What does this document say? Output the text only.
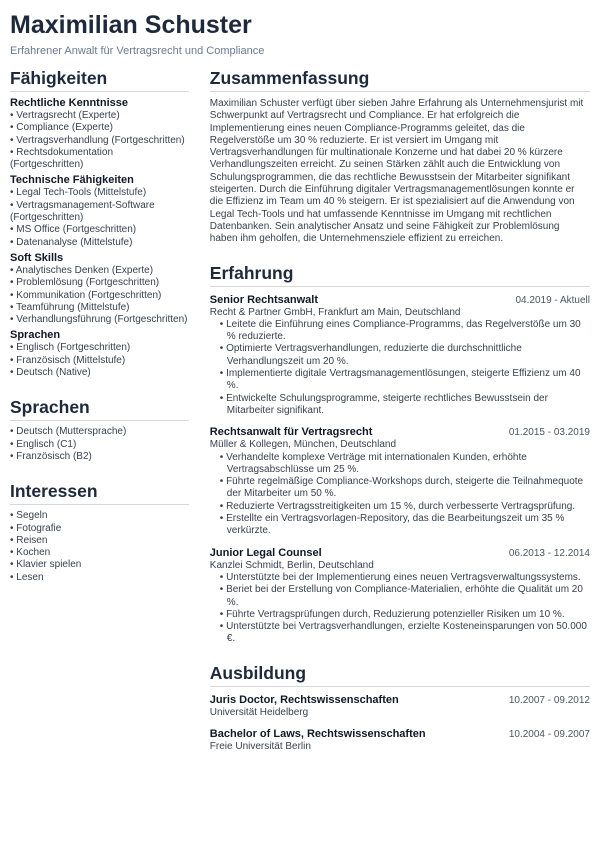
Maximilian Schuster
Erfahrener Anwalt für Vertragsrecht und Compliance
Fähigkeiten
Rechtliche Kenntnisse
• Vertragsrecht (Experte)
• Compliance (Experte)
• Vertragsverhandlung (Fortgeschritten)
• Rechtsdokumentation (Fortgeschritten)
Technische Fähigkeiten
• Legal Tech-Tools (Mittelstufe)
• Vertragsmanagement-Software (Fortgeschritten)
• MS Office (Fortgeschritten)
• Datenanalyse (Mittelstufe)
Soft Skills
• Analytisches Denken (Experte)
• Problemlösung (Fortgeschritten)
• Kommunikation (Fortgeschritten)
• Teamführung (Mittelstufe)
• Verhandlungsführung (Fortgeschritten)
Sprachen
• Englisch (Fortgeschritten)
• Französisch (Mittelstufe)
• Deutsch (Native)
Sprachen
• Deutsch (Muttersprache)
• Englisch (C1)
• Französisch (B2)
Interessen
• Segeln
• Fotografie
• Reisen
• Kochen
• Klavier spielen
• Lesen
Zusammenfassung

Maximilian Schuster verfügt über sieben Jahre Erfahrung als Unternehmensjurist mit Schwerpunkt auf Vertragsrecht und Compliance. Er hat erfolgreich die Implementierung eines neuen Compliance-Programms geleitet, das die Regelverstöße um 30 % reduzierte. Er ist versiert im Umgang mit Vertragsverhandlungen für multinationale Konzerne und hat dabei 20 % kürzere Verhandlungszeiten erreicht. Zu seinen Stärken zählt auch die Entwicklung von Schulungsprogrammen, die das rechtliche Bewusstsein der Mitarbeiter signifikant steigerten. Durch die Einführung digitaler Vertragsmanagementlösungen konnte er die Effizienz im Team um 40 % steigern. Er ist spezialisiert auf die Anwendung von Legal Tech-Tools und hat umfassende Kenntnisse im Umgang mit rechtlichen Datenbanken. Sein analytischer Ansatz und seine Fähigkeit zur Problemlösung haben ihm geholfen, die Unternehmensziele effizient zu erreichen.

Erfahrung
Senior Rechtsanwalt	04.2019 - Aktuell
Recht & Partner GmbH, Frankfurt am Main, Deutschland
• Leitete die Einführung eines Compliance-Programms, das Regelverstöße um 30 % reduzierte.
• Optimierte Vertragsverhandlungen, reduzierte die durchschnittliche Verhandlungszeit um 20 %.
• Implementierte digitale Vertragsmanagementlösungen, steigerte Effizienz um 40 %.
• Entwickelte Schulungsprogramme, steigerte rechtliches Bewusstsein der Mitarbeiter signifikant.
Rechtsanwalt für Vertragsrecht	01.2015 - 03.2019
Müller & Kollegen, München, Deutschland
• Verhandelte komplexe Verträge mit internationalen Kunden, erhöhte Vertragsabschlüsse um 25 %.
• Führte regelmäßige Compliance-Workshops durch, steigerte die Teilnahmequote der Mitarbeiter um 50 %.
• Reduzierte Vertragsstreitigkeiten um 15 %, durch verbesserte Vertragsprüfung.
• Erstellte ein Vertragsvorlagen-Repository, das die Bearbeitungszeit um 35 % verkürzte.
Junior Legal Counsel	06.2013 - 12.2014
Kanzlei Schmidt, Berlin, Deutschland
• Unterstützte bei der Implementierung eines neuen Vertragsverwaltungssystems.
• Beriet bei der Erstellung von Compliance-Materialien, erhöhte die Qualität um 20 %.
• Führte Vertragsprüfungen durch, Reduzierung potenzieller Risiken um 10 %.
• Unterstützte bei Vertragsverhandlungen, erzielte Kosteneinsparungen von 50.000 €.
Ausbildung
Juris Doctor, Rechtswissenschaften	10.2007 - 09.2012
Universität Heidelberg
Bachelor of Laws, Rechtswissenschaften	10.2004 - 09.2007
Freie Universität Berlin
